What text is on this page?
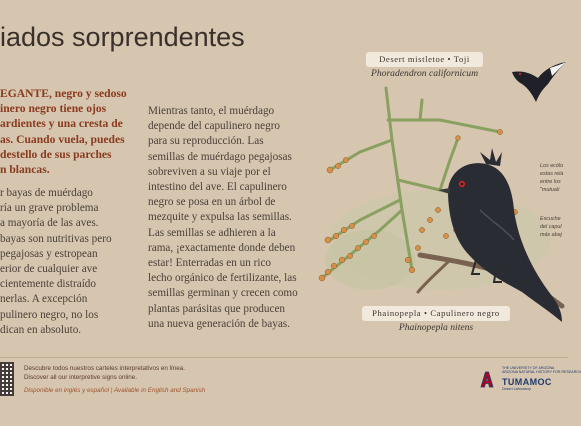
iados sorprendentes
EGANTE, negro y sedoso
inero negro tiene ojos
ardientes y una cresta de
as. Cuando vuela, puedes
destello de sus parches
n blancas.
r bayas de muérdago
ría un grave problema
a mayoría de las aves.
bayas son nutritivas pero
pegajosas y estropean
erior de cualquier ave
cientemente distraído
nerlas. A excepción
pulinero negro, no los
dican en absoluto.
Mientras tanto, el muérdago
depende del capulinero negro
para su reproducción. Las
semillas de muérdago pegajosas
sobreviven a su viaje por el
intestino del ave. El capulinero
negro se posa en un árbol de
mezquite y expulsa las semillas.
Las semillas se adhieren a la
rama, ¡exactamente donde deben
estar! Enterradas en un rico
lecho orgánico de fertilizante, las
semillas germinan y crecen como
plantas parásitas que producen
una nueva generación de bayas.
Desert mistletoe • Toji
Phoradendron californicum
Phainopepla • Capulinero negro
Phainopepla nitens
Los ecólo
estas rela
entre los
"mutuali
Escuche
del capul
más abaj
Descubre todos nuestros carteles interpretativos en línea.
Discover all our interpretive signs online.
Disponible en inglés y español | Available in English and Spanish
THE UNIVERSITY OF ARIZONA
ARIZONA NATURAL HISTORY FOR RESEARCH
TUMAMOC
Desert Laboratory
